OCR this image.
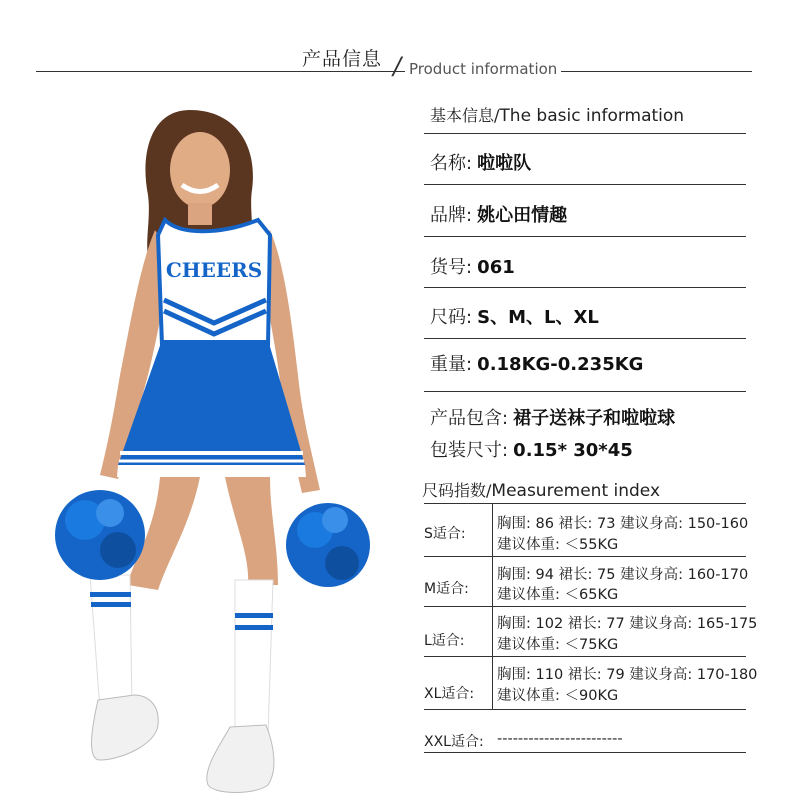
产品信息 / Product information
CHEERS
基本信息/The basic information
名称: 啦啦队
品牌: 姚心田情趣
货号: 061
尺码: S、M、L、XL
重量: 0.18KG-0.235KG
产品包含: 裙子送袜子和啦啦球
包装尺寸: 0.15* 30*45
尺码指数/Measurement index
S适合:
胸围: 86 裙长: 73 建议身高: 150-160
建议体重: ＜55KG
M适合:
胸围: 94 裙长: 75 建议身高: 160-170
建议体重: ＜65KG
L适合:
胸围: 102 裙长: 77 建议身高: 165-175
建议体重: ＜75KG
XL适合:
胸围: 110 裙长: 79 建议身高: 170-180
建议体重: ＜90KG
XXL适合: ------------------------
